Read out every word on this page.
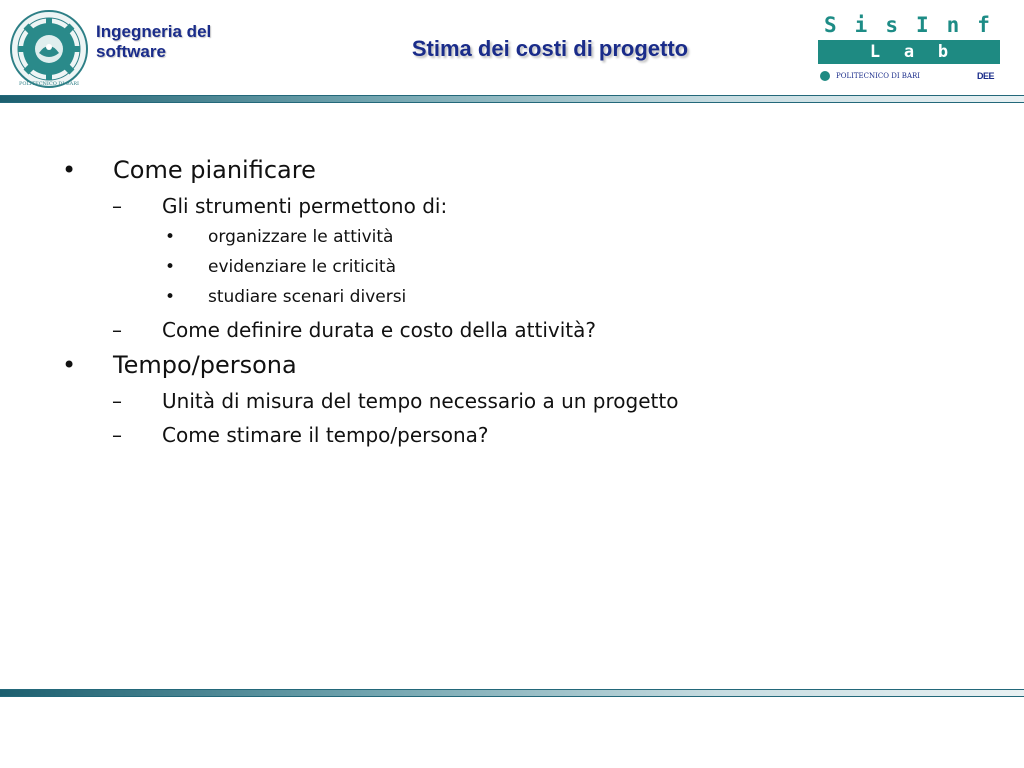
POLITECNICO DI BARI
Ingegneria del software	Stima dei costi di progetto
S i s I n f
L a b
POLITECNICO DI BARI	DEE
• Come pianificare
– Gli strumenti permettono di:
• organizzare le attività
• evidenziare le criticità
• studiare scenari diversi
– Come definire durata e costo della attività?
• Tempo/persona
– Unità di misura del tempo necessario a un progetto
– Come stimare il tempo/persona?
